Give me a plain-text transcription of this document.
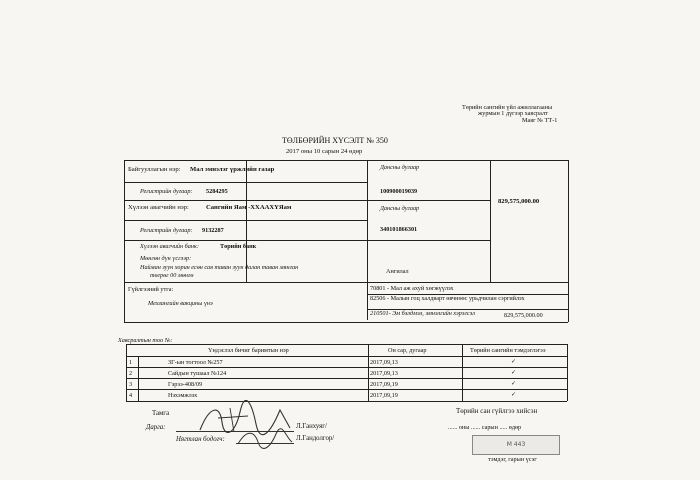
Төрийн сангийн үйл ажиллагааны
журмын 1 дүгээр хавсралт
Маяг № ТТ-1
ТӨЛБӨРИЙН ХҮСЭЛТ № 350
2017 оны 10 сарын 24 өдөр
Байгууллагын нэр: Мал эмнэлэг үржлийн газар	Дансны дугаар
Регистрийн дугаар: 5284295	100900019039
829,575,000.00
Хүлээн авагчийн нэр:	Сангийн Яам -ХХААХҮЯам	Дансны дугаар
Регистрийн дугаар: 9132287	340101866301
Хүлээн авагчийн банк:	Төрийн банк
Мөнгөн дүн үсгээр:
Найман зуун хорин есөн сая таван зуун далан таван мянган
төгрөг 00 мөнгө
Ангилал
Гүйлгээний утга:
Мехзангийн вакцины үнэ
70801 - Мал аж ахуй хөгжүүлэх
82506 - Малын гоц халдварт өвчнөөс урьдчилан сэргийлэх
210501- Эм бэлдмэл, эмнэлгийн хэрэгсэл	829,575,000.00
Хавсралтын тоо №:
Үндэслэл бичиг баримтын нэр	Он сар, дугаар	Төрийн сангийн тэмдэглэгээ
1	ЗГ-ын тогтоол №257	2017,09,13	✓
2	Сайдын тушаал №124	2017,09,13	✓
3	Гэрээ-408/09	2017,09,19	✓
4	Нэхэмжлэх	2017,09,19	✓
Тамга
Дарга:	Л.Ганхуяг/
Нягтлан бодогч:	Л.Гандолгор/
Төрийн сан гүйлгээ хийсэн
...... оны ...... сарын ..... өдөр
М 443
тэмдэг, гарын үсэг
